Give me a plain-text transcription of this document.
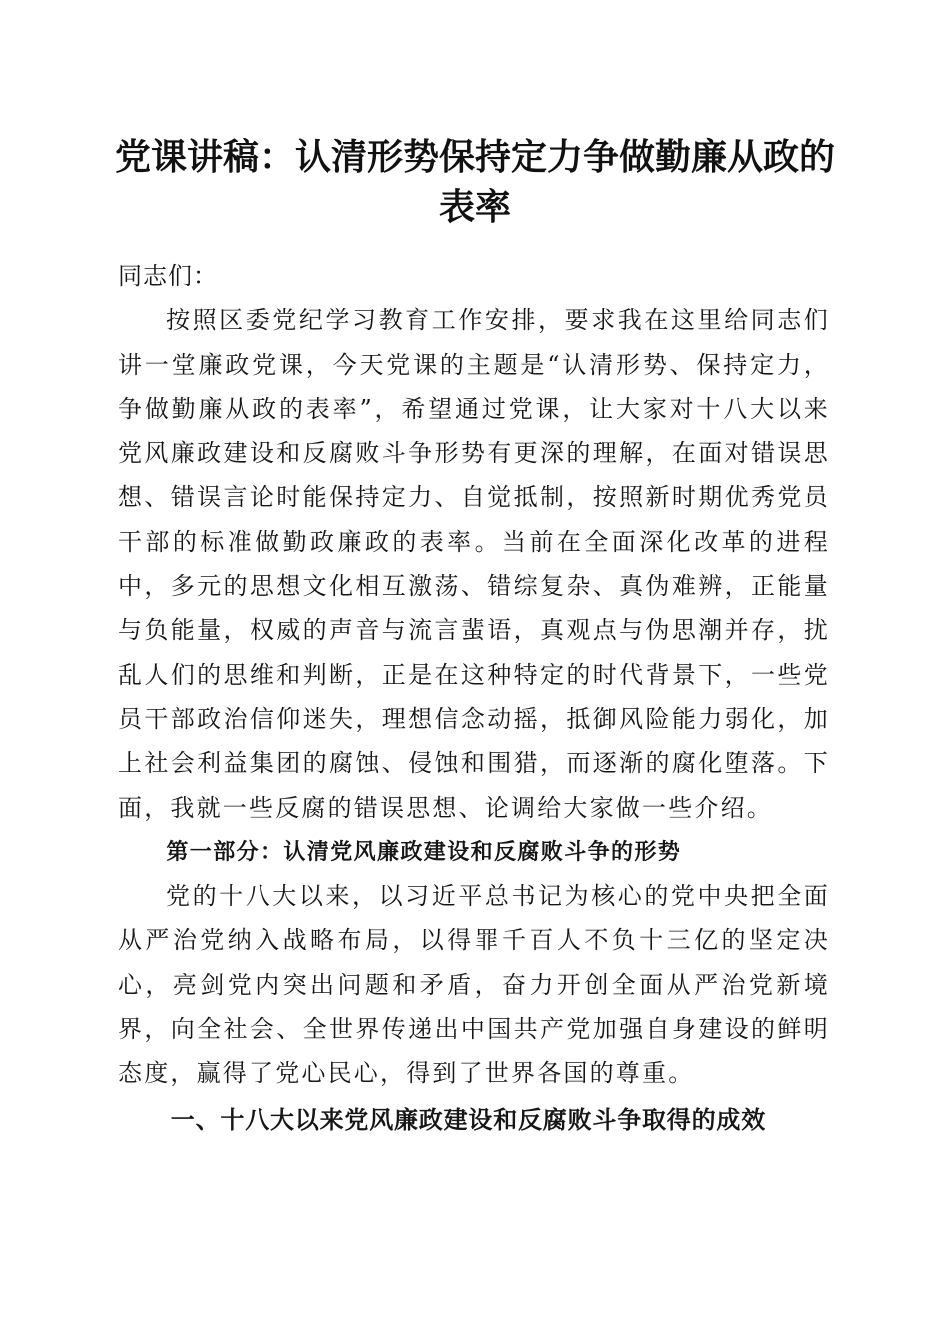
党课讲稿：认清形势保持定力争做勤廉从政的表率

同志们：

按照区委党纪学习教育工作安排，要求我在这里给同志们讲一堂廉政党课，今天党课的主题是“认清形势、保持定力，争做勤廉从政的表率”，希望通过党课，让大家对十八大以来党风廉政建设和反腐败斗争形势有更深的理解，在面对错误思想、错误言论时能保持定力、自觉抵制，按照新时期优秀党员干部的标准做勤政廉政的表率。当前在全面深化改革的进程中，多元的思想文化相互激荡、错综复杂、真伪难辨，正能量与负能量，权威的声音与流言蜚语，真观点与伪思潮并存，扰乱人们的思维和判断，正是在这种特定的时代背景下，一些党员干部政治信仰迷失，理想信念动摇，抵御风险能力弱化，加上社会利益集团的腐蚀、侵蚀和围猎，而逐渐的腐化堕落。下面，我就一些反腐的错误思想、论调给大家做一些介绍。

第一部分：认清党风廉政建设和反腐败斗争的形势

党的十八大以来，以习近平总书记为核心的党中央把全面从严治党纳入战略布局，以得罪千百人不负十三亿的坚定决心，亮剑党内突出问题和矛盾，奋力开创全面从严治党新境界，向全社会、全世界传递出中国共产党加强自身建设的鲜明态度，赢得了党心民心，得到了世界各国的尊重。

一、十八大以来党风廉政建设和反腐败斗争取得的成效
